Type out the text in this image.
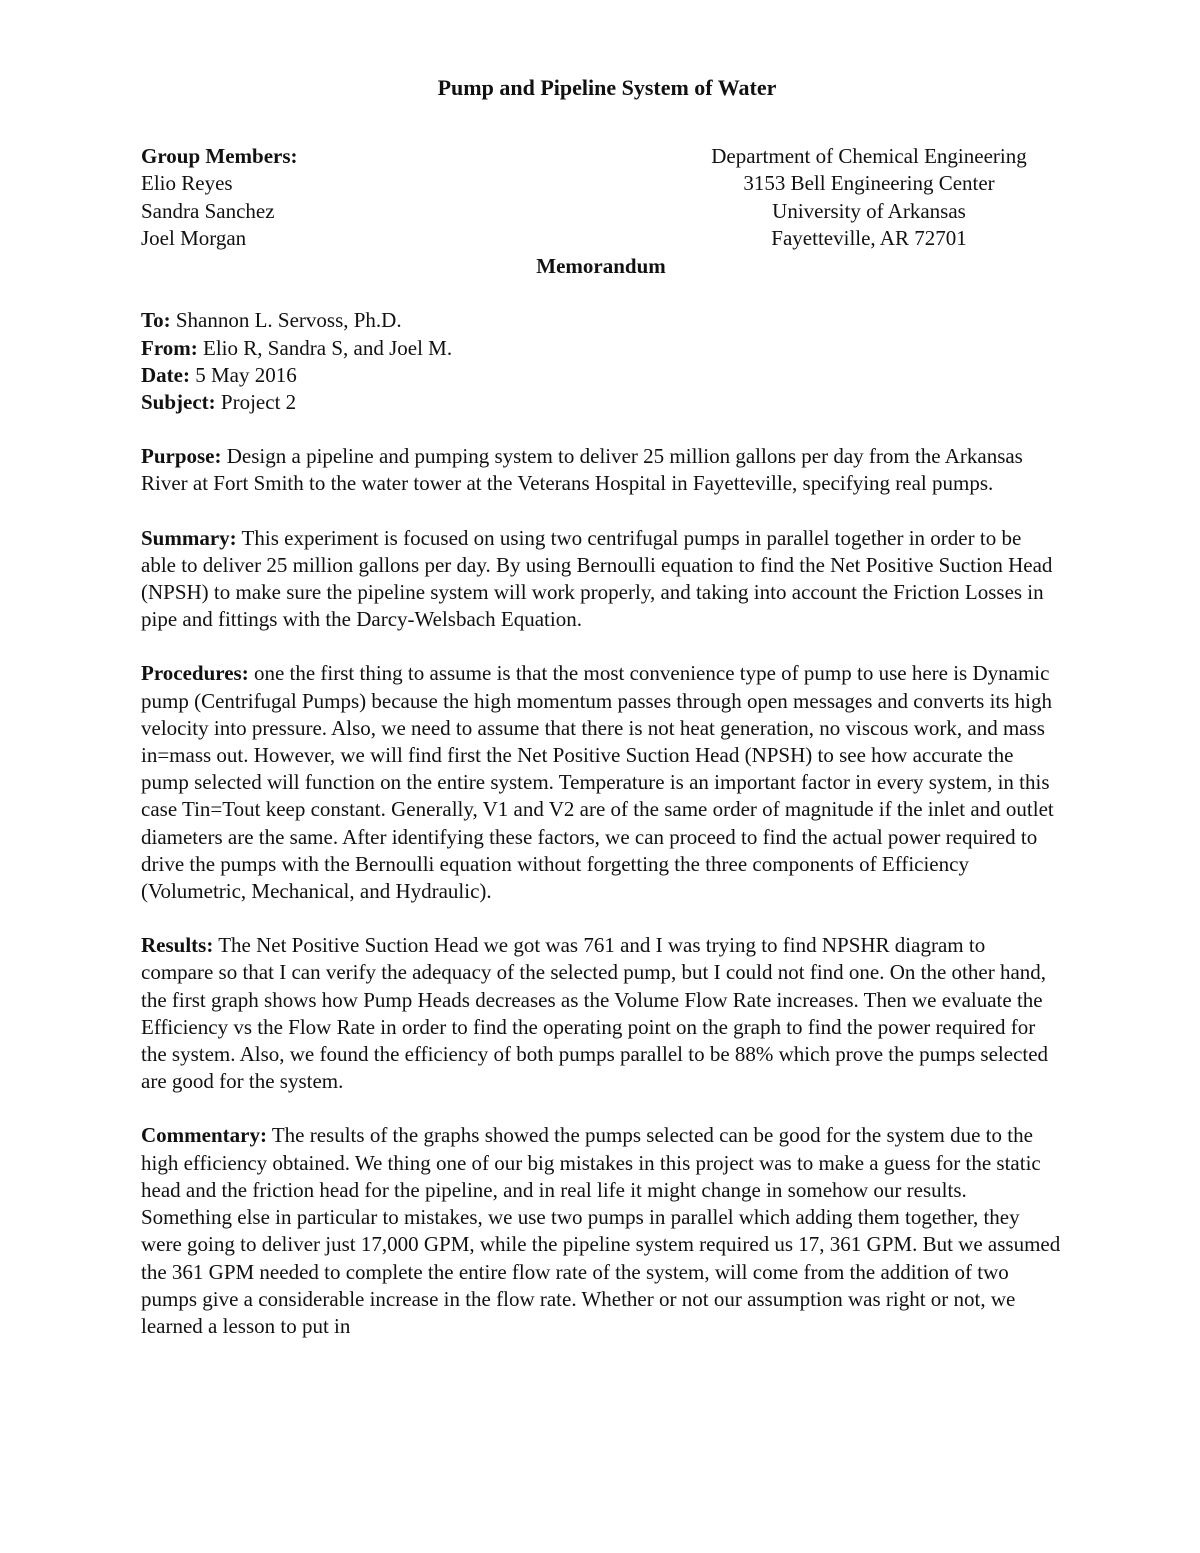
Pump and Pipeline System of Water
Group Members:
Elio Reyes
Sandra Sanchez
Joel Morgan
Department of Chemical Engineering
3153 Bell Engineering Center
University of Arkansas
Fayetteville, AR 72701
Memorandum
To: Shannon L. Servoss, Ph.D.
From: Elio R, Sandra S, and Joel M.
Date: 5 May 2016
Subject: Project 2
Purpose: Design a pipeline and pumping system to deliver 25 million gallons per day from the Arkansas River at Fort Smith to the water tower at the Veterans Hospital in Fayetteville, specifying real pumps.
Summary: This experiment is focused on using two centrifugal pumps in parallel together in order to be able to deliver 25 million gallons per day. By using Bernoulli equation to find the Net Positive Suction Head (NPSH) to make sure the pipeline system will work properly, and taking into account the Friction Losses in pipe and fittings with the Darcy-Welsbach Equation.
Procedures: one the first thing to assume is that the most convenience type of pump to use here is Dynamic pump (Centrifugal Pumps) because the high momentum passes through open messages and converts its high velocity into pressure. Also, we need to assume that there is not heat generation, no viscous work, and mass in=mass out. However, we will find first the Net Positive Suction Head (NPSH) to see how accurate the pump selected will function on the entire system. Temperature is an important factor in every system, in this case Tin=Tout keep constant. Generally, V1 and V2 are of the same order of magnitude if the inlet and outlet diameters are the same. After identifying these factors, we can proceed to find the actual power required to drive the pumps with the Bernoulli equation without forgetting the three components of Efficiency (Volumetric, Mechanical, and Hydraulic).
Results: The Net Positive Suction Head we got was 761 and I was trying to find NPSHR diagram to compare so that I can verify the adequacy of the selected pump, but I could not find one. On the other hand, the first graph shows how Pump Heads decreases as the Volume Flow Rate increases. Then we evaluate the Efficiency vs the Flow Rate in order to find the operating point on the graph to find the power required for the system. Also, we found the efficiency of both pumps parallel to be 88% which prove the pumps selected are good for the system.
Commentary: The results of the graphs showed the pumps selected can be good for the system due to the high efficiency obtained. We thing one of our big mistakes in this project was to make a guess for the static head and the friction head for the pipeline, and in real life it might change in somehow our results. Something else in particular to mistakes, we use two pumps in parallel which adding them together, they were going to deliver just 17,000 GPM, while the pipeline system required us 17, 361 GPM. But we assumed the 361 GPM needed to complete the entire flow rate of the system, will come from the addition of two pumps give a considerable increase in the flow rate. Whether or not our assumption was right or not, we learned a lesson to put in
